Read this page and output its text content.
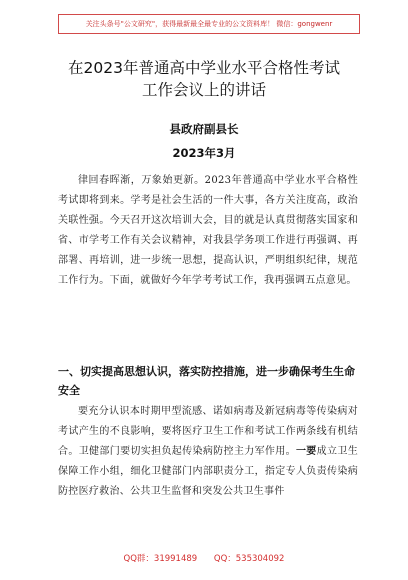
关注头条号"公文研究"，获得最新最全最专业的公文资料库！ 微信：gongwenr
在2023年普通高中学业水平合格性考试
工作会议上的讲话
县政府副县长
2023年3月

律回春晖渐，万象始更新。2023年普通高中学业水平合格性考试即将到来。学考是社会生活的一件大事，各方关注度高，政治关联性强。今天召开这次培训大会，目的就是认真贯彻落实国家和省、市学考工作有关会议精神，对我县学务项工作进行再强调、再部署、再培训，进一步统一思想，提高认识，严明组织纪律，规范工作行为。下面，就做好今年学考考试工作，我再强调五点意见。

一、切实提高思想认识，落实防控措施，进一步确保考生生命安全

要充分认识本时期甲型流感、诺如病毒及新冠病毒等传染病对考试产生的不良影响，要将医疗卫生工作和考试工作两条线有机结合。卫健部门要切实担负起传染病防控主力军作用。一要成立卫生保障工作小组，细化卫健部门内部职责分工，指定专人负责传染病防控医疗救治、公共卫生监督和突发公共卫生事件

QQ群：31991489 QQ：535304092
